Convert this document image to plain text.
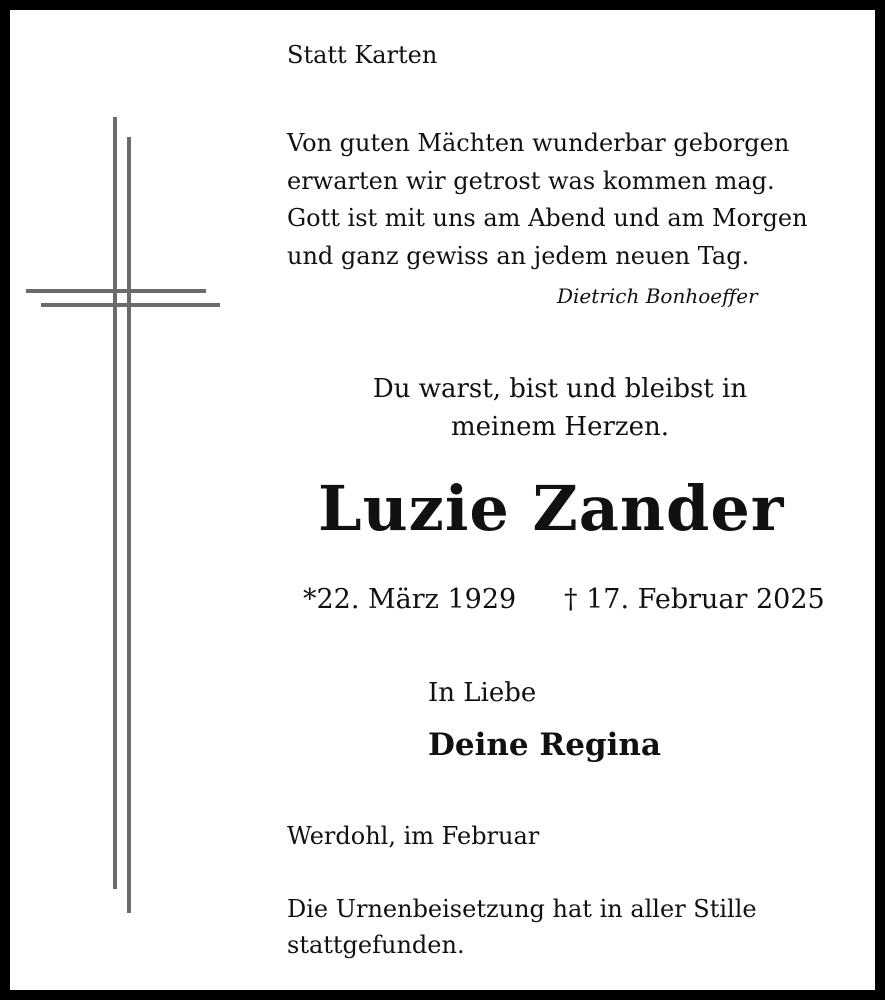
Statt Karten
Von guten Mächten wunderbar geborgen
erwarten wir getrost was kommen mag.
Gott ist mit uns am Abend und am Morgen
und ganz gewiss an jedem neuen Tag.
Dietrich Bonhoeffer
Du warst, bist und bleibst in
meinem Herzen.
Luzie Zander
*22. März 1929 † 17. Februar 2025
In Liebe
Deine Regina
Werdohl, im Februar
Die Urnenbeisetzung hat in aller Stille
stattgefunden.
